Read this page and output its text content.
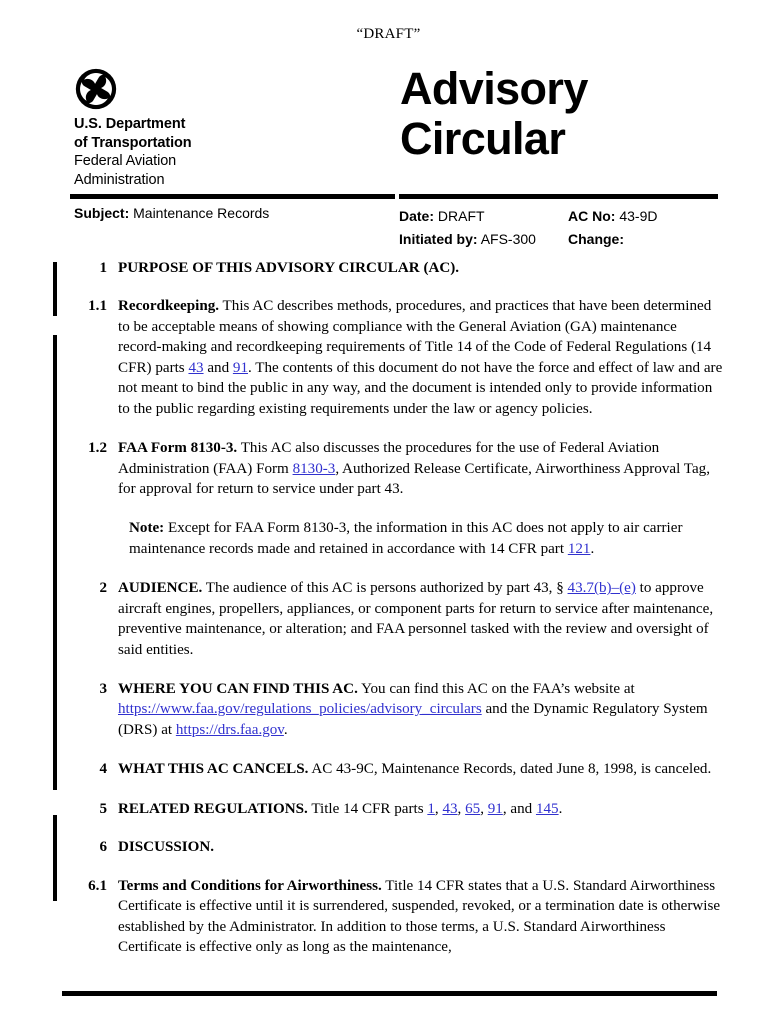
“DRAFT”
U.S. Department
of Transportation
Federal Aviation
Administration
Advisory
Circular
Subject: Maintenance Records	Date: DRAFT
Initiated by: AFS-300
AC No: 43-9D
Change:
1 PURPOSE OF THIS ADVISORY CIRCULAR (AC).
1.1 Recordkeeping. This AC describes methods, procedures, and practices that have been determined to be acceptable means of showing compliance with the General Aviation (GA) maintenance record-making and recordkeeping requirements of Title 14 of the Code of Federal Regulations (14 CFR) parts 43 and 91. The contents of this document do not have the force and effect of law and are not meant to bind the public in any way, and the document is intended only to provide information to the public regarding existing requirements under the law or agency policies.
1.2 FAA Form 8130-3. This AC also discusses the procedures for the use of Federal Aviation Administration (FAA) Form 8130-3, Authorized Release Certificate, Airworthiness Approval Tag, for approval for return to service under part 43.
Note: Except for FAA Form 8130-3, the information in this AC does not apply to air carrier maintenance records made and retained in accordance with 14 CFR part 121.
2 AUDIENCE. The audience of this AC is persons authorized by part 43, § 43.7(b)–(e) to approve aircraft engines, propellers, appliances, or component parts for return to service after maintenance, preventive maintenance, or alteration; and FAA personnel tasked with the review and oversight of said entities.
3 WHERE YOU CAN FIND THIS AC. You can find this AC on the FAA’s website at https://www.faa.gov/regulations_policies/advisory_circulars and the Dynamic Regulatory System (DRS) at https://drs.faa.gov.
4 WHAT THIS AC CANCELS. AC 43-9C, Maintenance Records, dated June 8, 1998, is canceled.
5 RELATED REGULATIONS. Title 14 CFR parts 1, 43, 65, 91, and 145.
6 DISCUSSION.
6.1 Terms and Conditions for Airworthiness. Title 14 CFR states that a U.S. Standard Airworthiness Certificate is effective until it is surrendered, suspended, revoked, or a termination date is otherwise established by the Administrator. In addition to those terms, a U.S. Standard Airworthiness Certificate is effective only as long as the maintenance,
